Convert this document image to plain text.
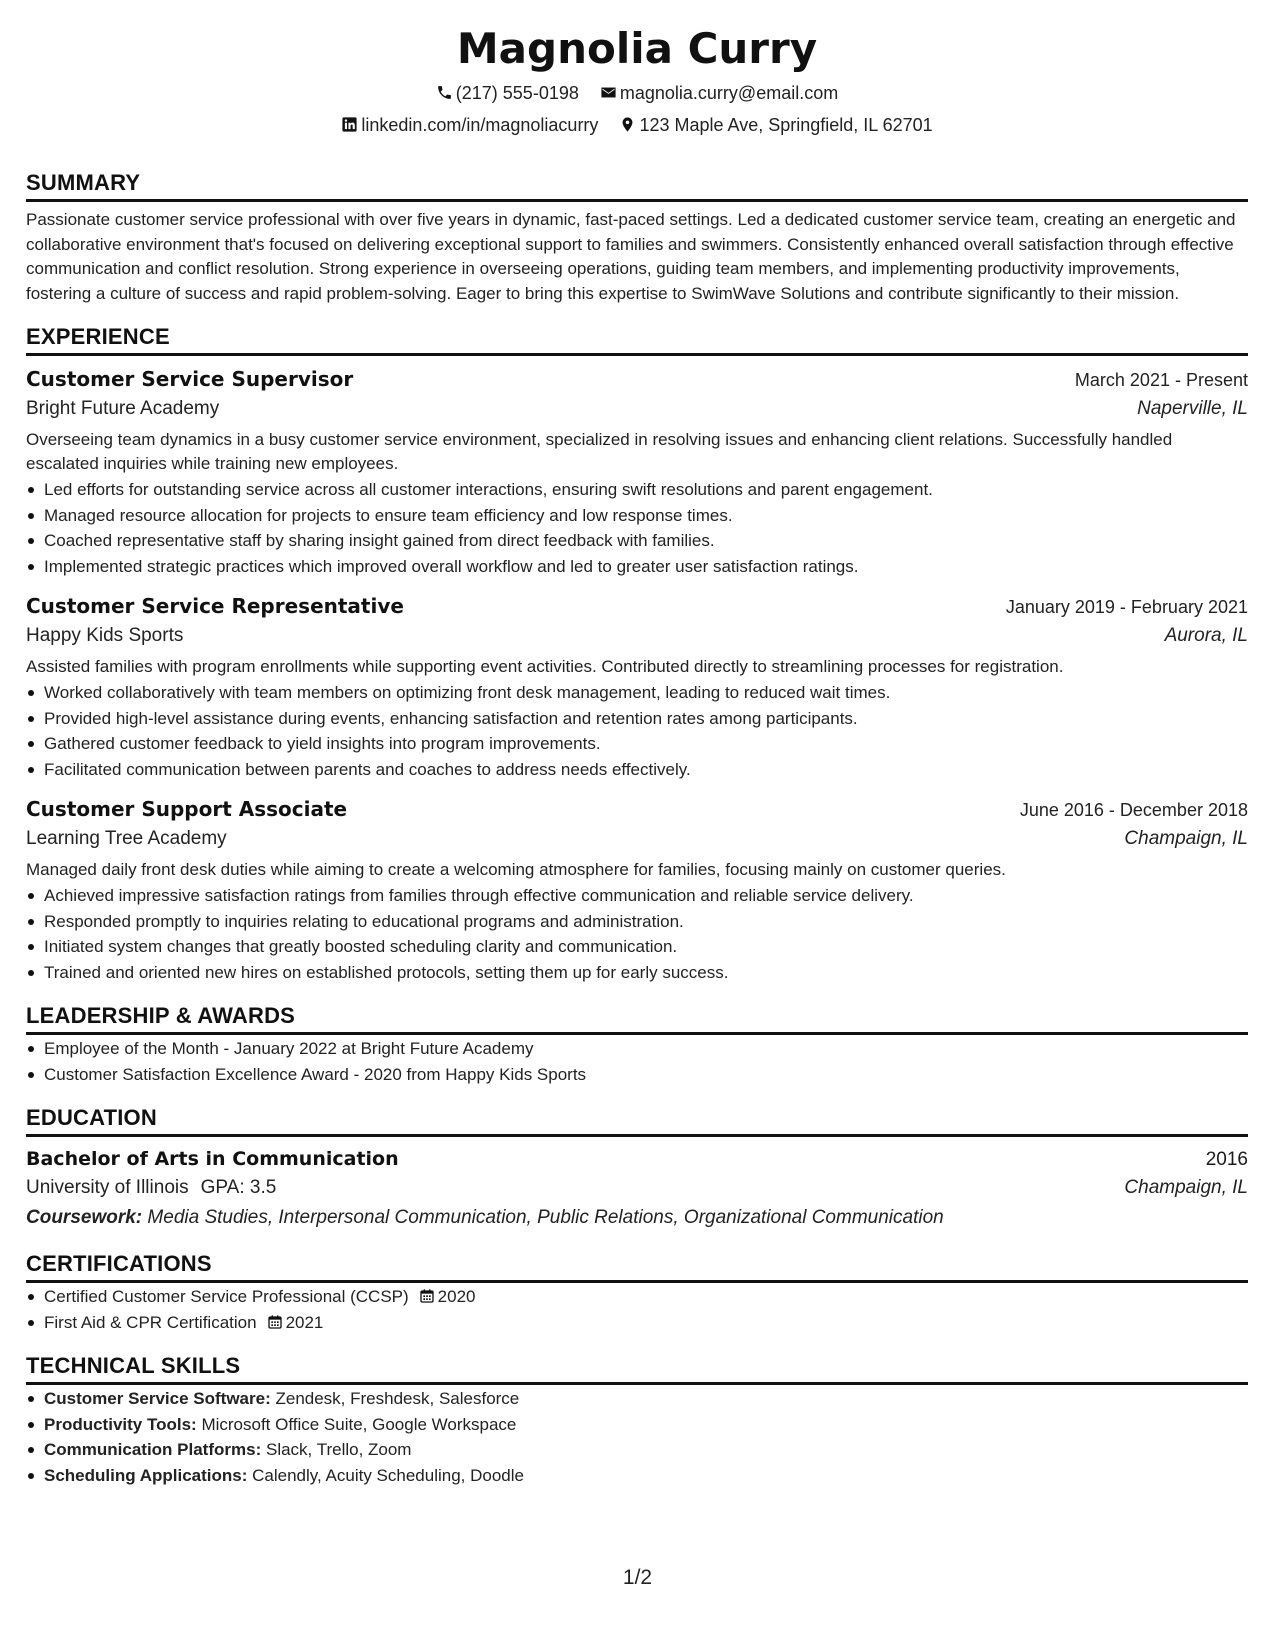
Magnolia Curry
(217) 555-0198 magnolia.curry@email.com
linkedin.com/in/magnoliacurry 123 Maple Ave, Springfield, IL 62701
SUMMARY
Passionate customer service professional with over five years in dynamic, fast-paced settings. Led a dedicated customer service team, creating an energetic and collaborative environment that's focused on delivering exceptional support to families and swimmers. Consistently enhanced overall satisfaction through effective communication and conflict resolution. Strong experience in overseeing operations, guiding team members, and implementing productivity improvements, fostering a culture of success and rapid problem-solving. Eager to bring this expertise to SwimWave Solutions and contribute significantly to their mission.
EXPERIENCE
Customer Service Supervisor	March 2021 - Present
Bright Future Academy	Naperville, IL
Overseeing team dynamics in a busy customer service environment, specialized in resolving issues and enhancing client relations. Successfully handled escalated inquiries while training new employees.
Led efforts for outstanding service across all customer interactions, ensuring swift resolutions and parent engagement.
Managed resource allocation for projects to ensure team efficiency and low response times.
Coached representative staff by sharing insight gained from direct feedback with families.
Implemented strategic practices which improved overall workflow and led to greater user satisfaction ratings.
Customer Service Representative	January 2019 - February 2021
Happy Kids Sports	Aurora, IL
Assisted families with program enrollments while supporting event activities. Contributed directly to streamlining processes for registration.
Worked collaboratively with team members on optimizing front desk management, leading to reduced wait times.
Provided high-level assistance during events, enhancing satisfaction and retention rates among participants.
Gathered customer feedback to yield insights into program improvements.
Facilitated communication between parents and coaches to address needs effectively.
Customer Support Associate	June 2016 - December 2018
Learning Tree Academy	Champaign, IL
Managed daily front desk duties while aiming to create a welcoming atmosphere for families, focusing mainly on customer queries.
Achieved impressive satisfaction ratings from families through effective communication and reliable service delivery.
Responded promptly to inquiries relating to educational programs and administration.
Initiated system changes that greatly boosted scheduling clarity and communication.
Trained and oriented new hires on established protocols, setting them up for early success.
LEADERSHIP & AWARDS
Employee of the Month - January 2022 at Bright Future Academy
Customer Satisfaction Excellence Award - 2020 from Happy Kids Sports
EDUCATION
Bachelor of Arts in Communication	2016
University of Illinois GPA: 3.5	Champaign, IL
Coursework: Media Studies, Interpersonal Communication, Public Relations, Organizational Communication
CERTIFICATIONS
Certified Customer Service Professional (CCSP) 2020
First Aid & CPR Certification 2021
TECHNICAL SKILLS
Customer Service Software: Zendesk, Freshdesk, Salesforce
Productivity Tools: Microsoft Office Suite, Google Workspace
Communication Platforms: Slack, Trello, Zoom
Scheduling Applications: Calendly, Acuity Scheduling, Doodle
1/2
